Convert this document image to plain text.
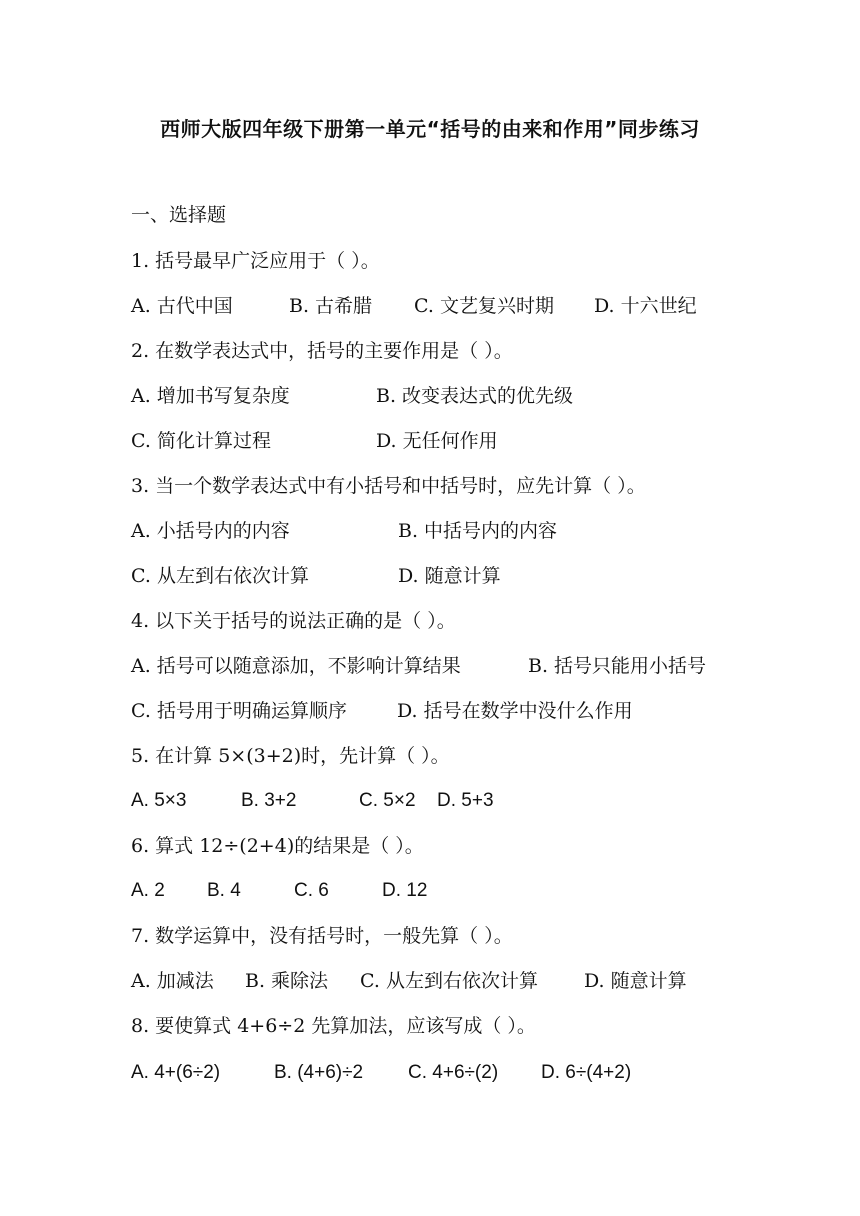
西师大版四年级下册第一单元“括号的由来和作用”同步练习
一、选择题
1. 括号最早广泛应用于（ ）。
A. 古代中国	B. 古希腊 C. 文艺复兴时期 D. 十六世纪
2. 在数学表达式中，括号的主要作用是（ ）。
A. 增加书写复杂度	B. 改变表达式的优先级
C. 简化计算过程	D. 无任何作用
3. 当一个数学表达式中有小括号和中括号时，应先计算（ ）。
A. 小括号内的内容	B. 中括号内的内容
C. 从左到右依次计算	D. 随意计算
4. 以下关于括号的说法正确的是（ ）。
A. 括号可以随意添加，不影响计算结果	B. 括号只能用小括号
C. 括号用于明确运算顺序	D. 括号在数学中没什么作用
5. 在计算 5×(3+2)时，先计算（ ）。
A. 5×3	B. 3+2	C. 5×2 D. 5+3
6. 算式 12÷(2+4)的结果是（ ）。
A. 2 B. 4	C. 6	D. 12
7. 数学运算中，没有括号时，一般先算（ ）。
A. 加减法 B. 乘除法 C. 从左到右依次计算 D. 随意计算
8. 要使算式 4+6÷2 先算加法，应该写成（ ）。
A. 4+(6÷2)	B. (4+6)÷2 C. 4+6÷(2) D. 6÷(4+2)
